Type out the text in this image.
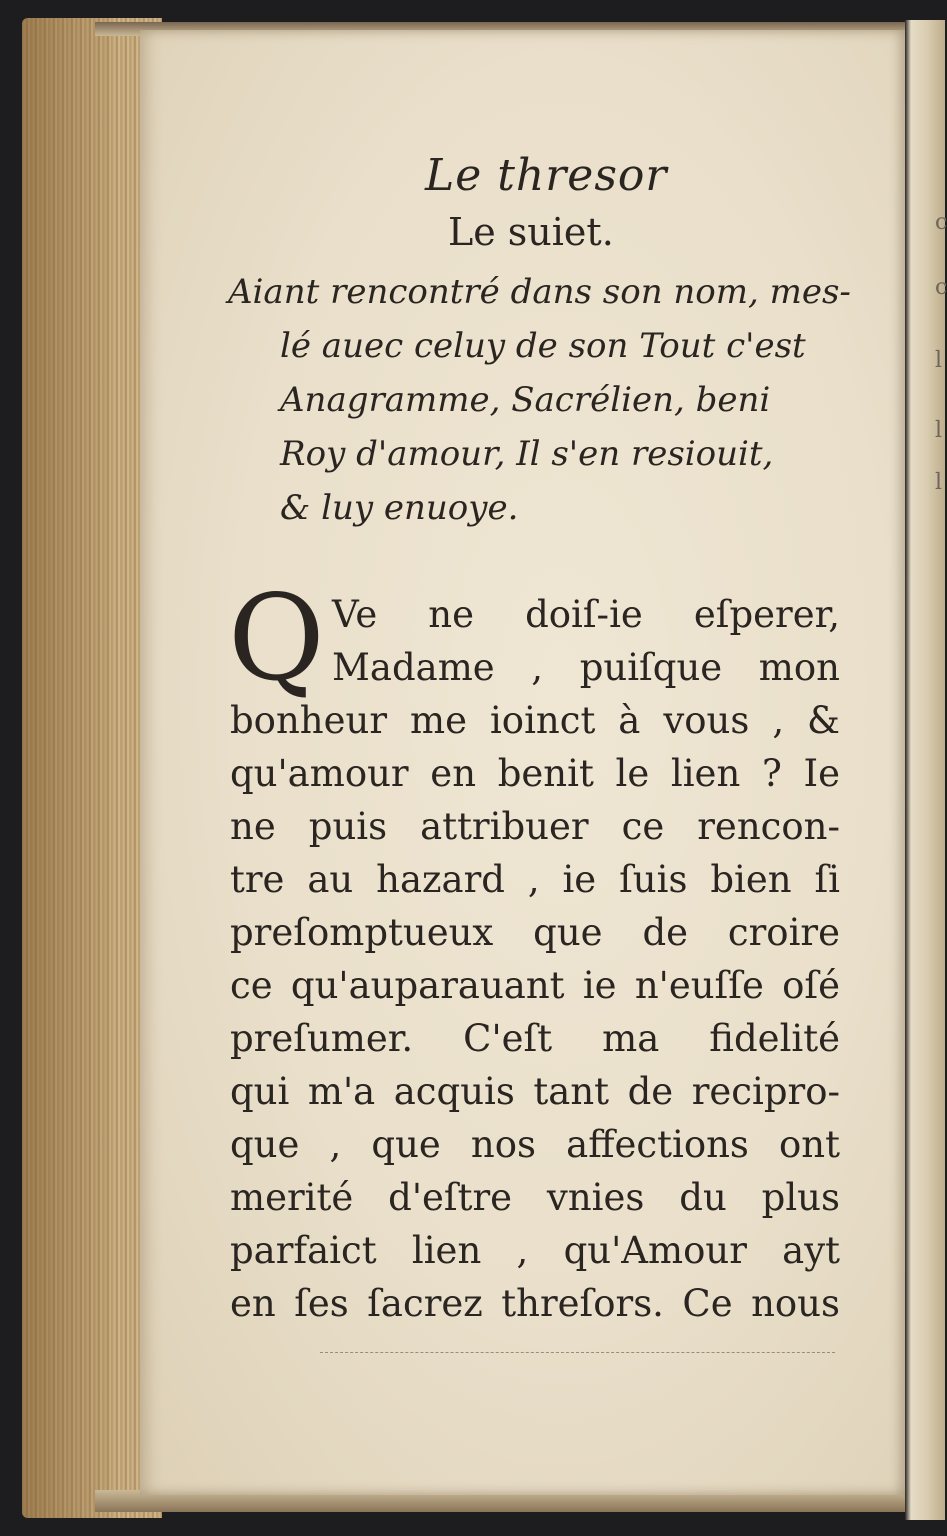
c
c
l
l
l
Le thresor
Le suiet.
Aiant rencontré dans son nom, mes-
lé auec celuy de son Tout c'est
Anagramme, Sacrélien, beni
Roy d'amour, Il s'en resiouit,
& luy enuoye.
Q Ve ne doiſ-ie eſperer,
Madame , puiſque mon
bonheur me ioinct à vous , &
qu'amour en benit le lien ? Ie
ne puis attribuer ce rencon-
tre au hazard , ie ſuis bien ſi
preſomptueux que de croire
ce qu'auparauant ie n'euſſe oſé
preſumer. C'eſt ma fidelité
qui m'a acquis tant de recipro-
que , que nos affections ont
merité d'eſtre vnies du plus
parfaict lien , qu'Amour ayt
en ſes ſacrez threſors. Ce nous
